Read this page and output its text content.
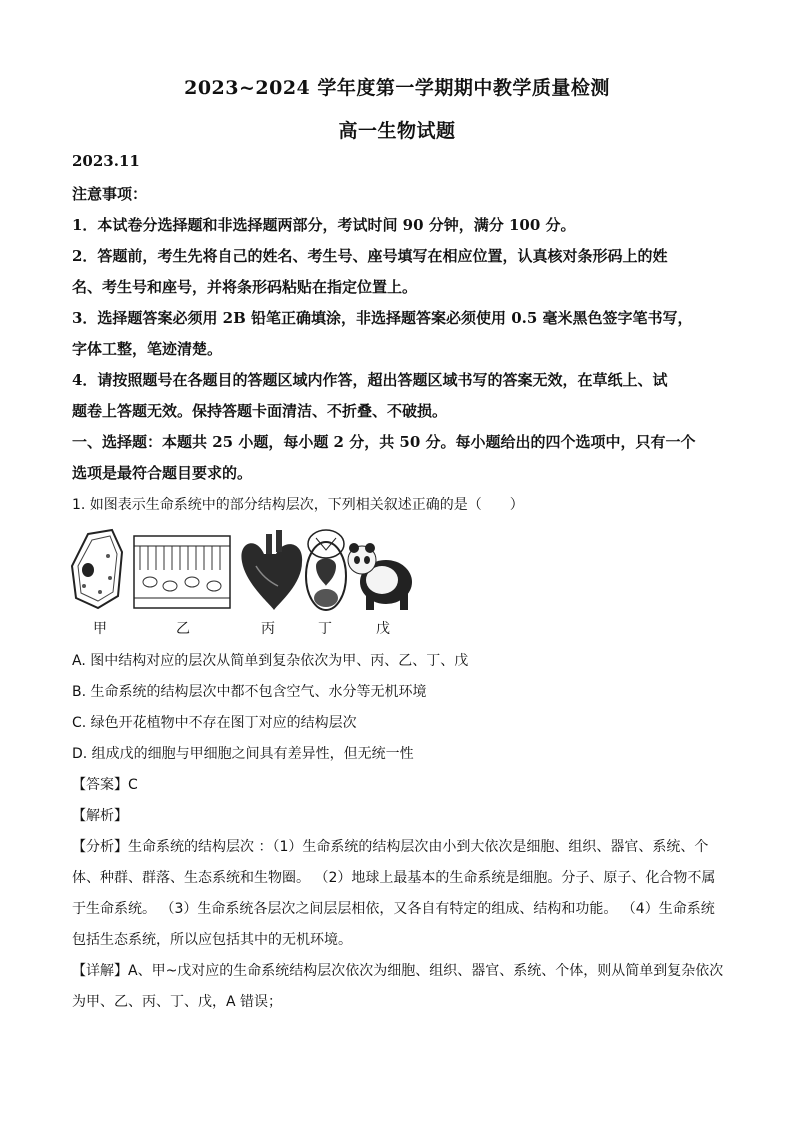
2023~2024 学年度第一学期期中教学质量检测
高一生物试题
2023.11
注意事项：
1．本试卷分选择题和非选择题两部分，考试时间 90 分钟，满分 100 分。
2．答题前，考生先将自己的姓名、考生号、座号填写在相应位置，认真核对条形码上的姓
名、考生号和座号，并将条形码粘贴在指定位置上。
3．选择题答案必须用 2B 铅笔正确填涂，非选择题答案必须使用 0.5 毫米黑色签字笔书写，
字体工整，笔迹清楚。
4．请按照题号在各题目的答题区域内作答，超出答题区域书写的答案无效，在草纸上、试
题卷上答题无效。保持答题卡面清洁、不折叠、不破损。
一、选择题：本题共 25 小题，每小题 2 分，共 50 分。每小题给出的四个选项中，只有一个
选项是最符合题目要求的。
1. 如图表示生命系统中的部分结构层次，下列相关叙述正确的是（　　）
甲	乙	丙	丁	戊
A. 图中结构对应的层次从简单到复杂依次为甲、丙、乙、丁、戊
B. 生命系统的结构层次中都不包含空气、水分等无机环境
C. 绿色开花植物中不存在图丁对应的结构层次
D. 组成戊的细胞与甲细胞之间具有差异性，但无统一性
【答案】C
【解析】
【分析】生命系统的结构层次 ：（1）生命系统的结构层次由小到大依次是细胞、组织、器官、系统、个
体、种群、群落、生态系统和生物圈。 （2）地球上最基本的生命系统是细胞。分子、原子、化合物不属
于生命系统。 （3）生命系统各层次之间层层相依，又各自有特定的组成、结构和功能。 （4）生命系统
包括生态系统，所以应包括其中的无机环境。
【详解】A、甲~戊对应的生命系统结构层次依次为细胞、组织、器官、系统、个体，则从简单到复杂依次
为甲、乙、丙、丁、戊，A 错误；
